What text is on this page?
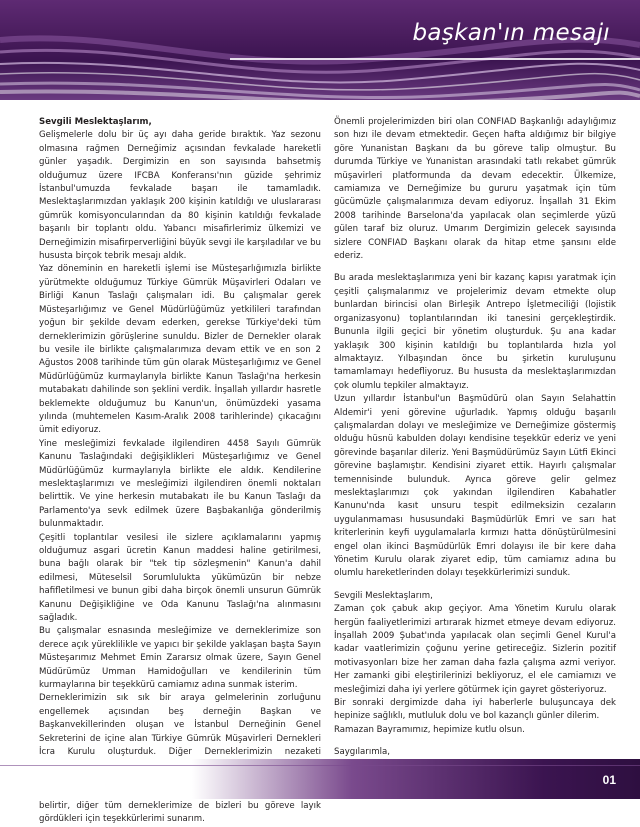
başkan'ın mesajı

Sevgili Meslektaşlarım,

Gelişmelerle dolu bir üç ayı daha geride bıraktık. Yaz sezonu olmasına rağmen Derneğimiz açısından fevkalade hareketli günler yaşadık. Dergimizin en son sayısında bahsetmiş olduğumuz üzere IFCBA Konferansı'nın güzide şehrimiz İstanbul'umuzda fevkalade başarı ile tamamladık. Meslektaşlarımızdan yaklaşık 200 kişinin katıldığı ve uluslararası gümrük komisyoncularından da 80 kişinin katıldığı fevkalade başarılı bir toplantı oldu. Yabancı misafirlerimiz ülkemizi ve Derneğimizin misafirperverliğini büyük sevgi ile karşıladılar ve bu hususta birçok tebrik mesajı aldık.

Yaz döneminin en hareketli işlemi ise Müsteşarlığımızla birlikte yürütmekte olduğumuz Türkiye Gümrük Müşavirleri Odaları ve Birliği Kanun Taslağı çalışmaları idi. Bu çalışmalar gerek Müsteşarlığımız ve Genel Müdürlüğümüz yetkilileri tarafından yoğun bir şekilde devam ederken, gerekse Türkiye'deki tüm derneklerimizin görüşlerine sunuldu. Bizler de Dernekler olarak bu vesile ile birlikte çalışmalarımıza devam ettik ve en son 2 Ağustos 2008 tarihinde tüm gün olarak Müsteşarlığımız ve Genel Müdürlüğümüz kurmaylarıyla birlikte Kanun Taslağı'na herkesin mutabakatı dahilinde son şeklini verdik. İnşallah yıllardır hasretle beklemekte olduğumuz bu Kanun'un, önümüzdeki yasama yılında (muhtemelen Kasım-Aralık 2008 tarihlerinde) çıkacağını ümit ediyoruz.

Yine mesleğimizi fevkalade ilgilendiren 4458 Sayılı Gümrük Kanunu Taslağındaki değişiklikleri Müsteşarlığımız ve Genel Müdürlüğümüz kurmaylarıyla birlikte ele aldık. Kendilerine meslektaşlarımızı ve mesleğimizi ilgilendiren önemli noktaları belirttik. Ve yine herkesin mutabakatı ile bu Kanun Taslağı da Parlamento'ya sevk edilmek üzere Başbakanlığa gönderilmiş bulunmaktadır.

Çeşitli toplantılar vesilesi ile sizlere açıklamalarını yapmış olduğumuz asgari ücretin Kanun maddesi haline getirilmesi, buna bağlı olarak bir "tek tip sözleşmenin" Kanun'a dahil edilmesi, Müteselsil Sorumlulukta yükümüzün bir nebze hafifletilmesi ve bunun gibi daha birçok önemli unsurun Gümrük Kanunu Değişikliğine ve Oda Kanunu Taslağı'na alınmasını sağladık.

Bu çalışmalar esnasında mesleğimize ve derneklerimize son derece açık yüreklilikle ve yapıcı bir şekilde yaklaşan başta Sayın Müsteşarımız Mehmet Emin Zararsız olmak üzere, Sayın Genel Müdürümüz Umman Hamidoğulları ve kendilerinin tüm kurmaylarına bir teşekkürü camiamız adına sunmak isterim.

Derneklerimizin sık sık bir araya gelmelerinin zorluğunu engellemek açısından beş derneğin Başkan ve Başkanvekillerinden oluşan ve İstanbul Derneğinin Genel Sekreterini de içine alan Türkiye Gümrük Müşavirleri Dernekleri İcra Kurulu oluşturduk. Diğer Derneklerimizin nezaketi belirtir, diğer tüm derneklerimize de bizleri bu göreve layık gördükleri için teşekkürlerimi sunarım.

Önemli projelerimizden biri olan CONFIAD Başkanlığı adaylığımız son hızı ile devam etmektedir. Geçen hafta aldığımız bir bilgiye göre Yunanistan Başkanı da bu göreve talip olmuştur. Bu durumda Türkiye ve Yunanistan arasındaki tatlı rekabet gümrük müşavirleri platformunda da devam edecektir. Ülkemize, camiamıza ve Derneğimize bu gururu yaşatmak için tüm gücümüzle çalışmalarımıza devam ediyoruz. İnşallah 31 Ekim 2008 tarihinde Barselona'da yapılacak olan seçimlerde yüzü gülen taraf biz oluruz. Umarım Dergimizin gelecek sayısında sizlere CONFIAD Başkanı olarak da hitap etme şansını elde ederiz.

Bu arada meslektaşlarımıza yeni bir kazanç kapısı yaratmak için çeşitli çalışmalarımız ve projelerimiz devam etmekte olup bunlardan birincisi olan Birleşik Antrepo İşletmeciliği (lojistik organizasyonu) toplantılarından iki tanesini gerçekleştirdik. Bununla ilgili geçici bir yönetim oluşturduk. Şu ana kadar yaklaşık 300 kişinin katıldığı bu toplantılarda hızla yol almaktayız. Yılbaşından önce bu şirketin kuruluşunu tamamlamayı hedefliyoruz. Bu hususta da meslektaşlarımızdan çok olumlu tepkiler almaktayız.

Uzun yıllardır İstanbul'un Başmüdürü olan Sayın Selahattin Aldemir'i yeni görevine uğurladık. Yapmış olduğu başarılı çalışmalardan dolayı ve mesleğimize ve Derneğimize göstermiş olduğu hüsnü kabulden dolayı kendisine teşekkür ederiz ve yeni görevinde başarılar dileriz. Yeni Başmüdürümüz Sayın Lütfi Ekinci görevine başlamıştır. Kendisini ziyaret ettik. Hayırlı çalışmalar temennisinde bulunduk. Ayrıca göreve gelir gelmez meslektaşlarımızı çok yakından ilgilendiren Kabahatler Kanunu'nda kasıt unsuru tespit edilmeksizin cezaların uygulanmaması hususundaki Başmüdürlük Emri ve sarı hat kriterlerinin keyfi uygulamalarla kırmızı hatta dönüştürülmesini engel olan ikinci Başmüdürlük Emri dolayısı ile bir kere daha Yönetim Kurulu olarak ziyaret edip, tüm camiamız adına bu olumlu hareketlerinden dolayı teşekkürlerimizi sunduk.

Sevgili Meslektaşlarım,

Zaman çok çabuk akıp geçiyor. Ama Yönetim Kurulu olarak hergün faaliyetlerimizi artırarak hizmet etmeye devam ediyoruz. İnşallah 2009 Şubat'ında yapılacak olan seçimli Genel Kurul'a kadar vaatlerimizin çoğunu yerine getireceğiz. Sizlerin pozitif motivasyonları bize her zaman daha fazla çalışma azmi veriyor. Her zamanki gibi eleştirilerinizi bekliyoruz, el ele camiamızı ve mesleğimizi daha iyi yerlere götürmek için gayret gösteriyoruz.

Bir sonraki dergimizde daha iyi haberlerle buluşuncaya dek hepinize sağlıklı, mutluluk dolu ve bol kazançlı günler dilerim.

Ramazan Bayramımız, hepimize kutlu olsun.

Saygılarımla,

01
